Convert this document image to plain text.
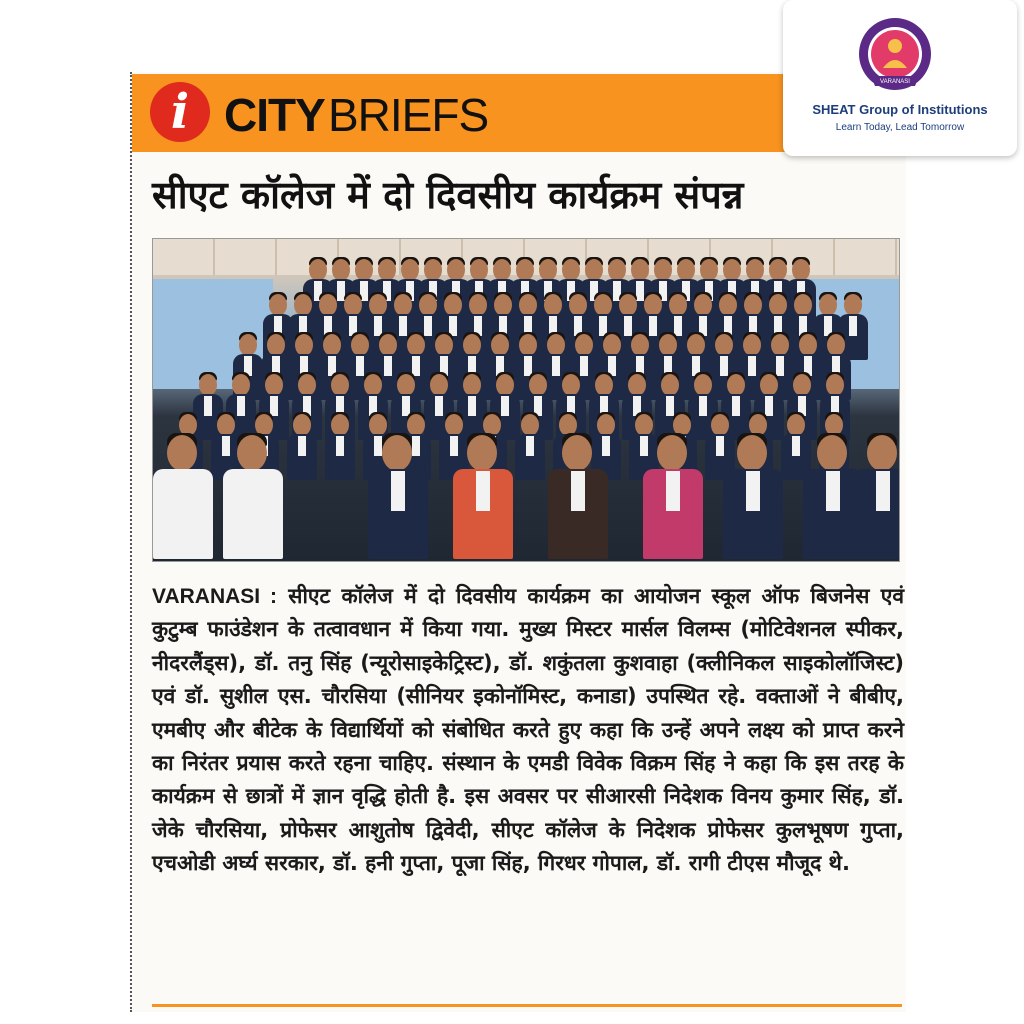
i CITY BRIEFS
सीएट कॉलेज में दो दिवसीय कार्यक्रम संपन्न
VARANASI : सीएट कॉलेज में दो दिवसीय कार्यक्रम का आयोजन स्कूल ऑफ बिजनेस एवं कुटुम्ब फाउंडेशन के तत्वावधान में किया गया. मुख्य मिस्टर मार्सल विलम्स (मोटिवेशनल स्पीकर, नीदरलैंड्स), डॉ. तनु सिंह (न्यूरोसाइकेट्रिस्ट), डॉ. शकुंतला कुशवाहा (क्लीनिकल साइकोलॉजिस्ट) एवं डॉ. सुशील एस. चौरसिया (सीनियर इकोनॉमिस्ट, कनाडा) उपस्थित रहे. वक्ताओं ने बीबीए, एमबीए और बीटेक के विद्यार्थियों को संबोधित करते हुए कहा कि उन्हें अपने लक्ष्य को प्राप्त करने का निरंतर प्रयास करते रहना चाहिए. संस्थान के एमडी विवेक विक्रम सिंह ने कहा कि इस तरह के कार्यक्रम से छात्रों में ज्ञान वृद्धि होती है. इस अवसर पर सीआरसी निदेशक विनय कुमार सिंह, डॉ. जेके चौरसिया, प्रोफेसर आशुतोष द्विवेदी, सीएट कॉलेज के निदेशक प्रोफेसर कुलभूषण गुप्ता, एचओडी अर्घ्य सरकार, डॉ. हनी गुप्ता, पूजा सिंह, गिरधर गोपाल, डॉ. रागी टीएस मौजूद थे.
VARANASI
SHEAT Group of Institutions
Learn Today, Lead Tomorrow
